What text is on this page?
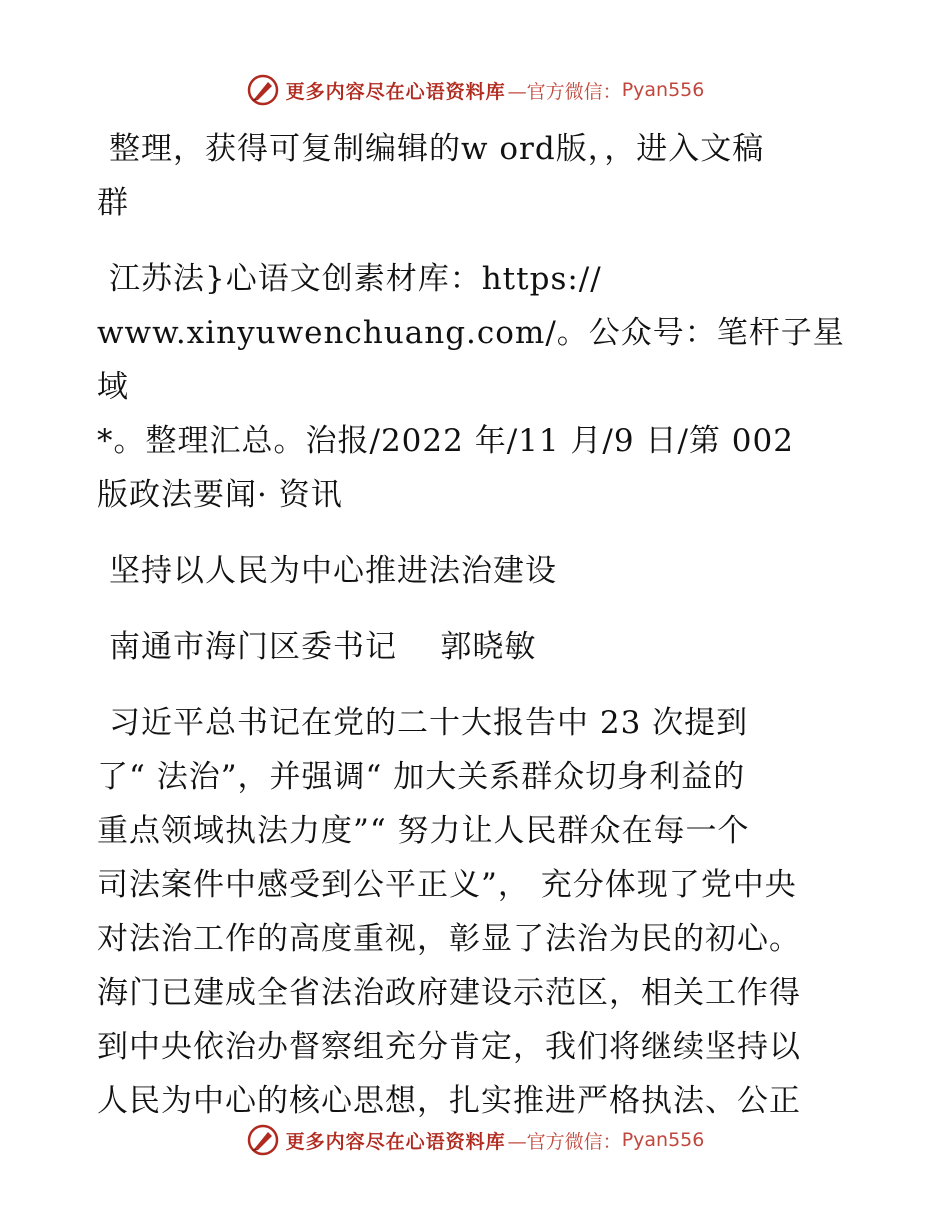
更多内容尽在心语资料库 —官方微信： Pyan556

整理，获得可复制编辑的w ord版，，进入文稿

群

江苏法}心语文创素材库：https://

www.xinyuwenchuang.com/。公众号：笔杆子星域

*。整理汇总。治报/2022 年/11 月/9 日/第 002

版政法要闻· 资讯

坚持以人民为中心推进法治建设

南通市海门区委书记    郭晓敏

习近平总书记在党的二十大报告中 23 次提到

了“ 法治”，并强调“ 加大关系群众切身利益的

重点领域执法力度”“ 努力让人民群众在每一个

司法案件中感受到公平正义”， 充分体现了党中央

对法治工作的高度重视，彰显了法治为民的初心。

海门已建成全省法治政府建设示范区，相关工作得

到中央依治办督察组充分肯定，我们将继续坚持以

人民为中心的核心思想，扎实推进严格执法、公正

更多内容尽在心语资料库 —官方微信： Pyan556
